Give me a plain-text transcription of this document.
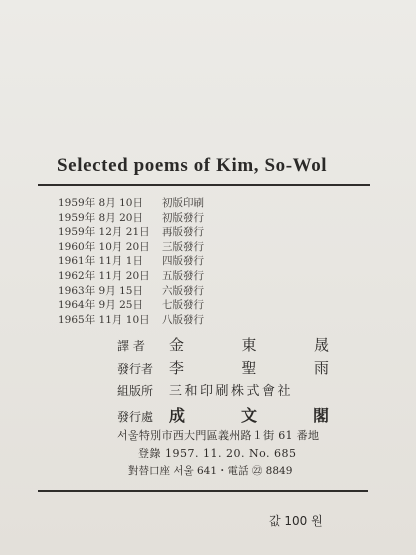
Selected poems of Kim, So-Wol
1959年 8月 10日	初版印刷
1959年 8月 20日	初版發行
1959年 12月 21日	再版發行
1960年 10月 20日	三版發行
1961年 11月 1日	四版發行
1962年 11月 20日	五版發行
1963年 9月 15日	六版發行
1964年 9月 25日	七版發行
1965年 11月 10日	八版發行
譯 者	金	東	晟
發行者	李	聖	雨
組版所	三和印刷株式會社
發行處 成	文	閣
서울特別市西大門區義州路１街 61 番地
登錄 1957. 11. 20. No. 685
對替口座 서울 641・電話 ㉒ 8849
값 100 원
